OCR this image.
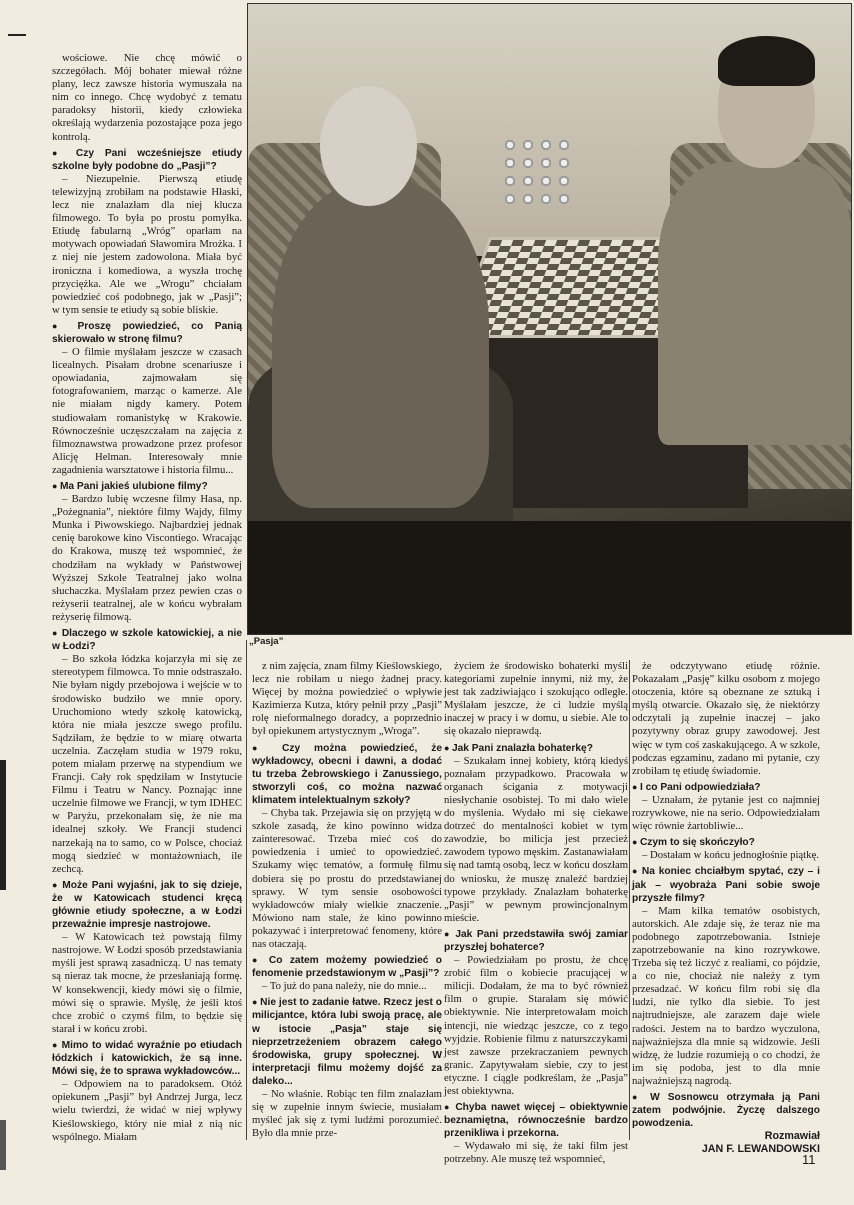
„Pasja”

wościowe. Nie chcę mówić o szczegółach. Mój bohater miewał różne plany, lecz zawsze historia wymuszała na nim co innego. Chcę wydobyć z tematu paradoksy historii, kiedy człowieka określają wydarzenia pozostające poza jego kontrolą.

● Czy Pani wcześniejsze etiudy szkolne były podobne do „Pasji”?

– Niezupełnie. Pierwszą etiudę telewizyjną zrobiłam na podstawie Hłaski, lecz nie znalazłam dla niej klucza filmowego. To była po prostu pomyłka. Etiudę fabularną „Wróg” oparłam na motywach opowiadań Sławomira Mrożka. I z niej nie jestem zadowolona. Miała być ironiczna i komediowa, a wyszła trochę przyciężka. Ale we „Wrogu” chciałam powiedzieć coś podobnego, jak w „Pasji”; w tym sensie te etiudy są sobie bliskie.

● Proszę powiedzieć, co Panią skierowało w stronę filmu?

– O filmie myślałam jeszcze w czasach licealnych. Pisałam drobne scenariusze i opowiadania, zajmowałam się fotografowaniem, marząc o kamerze. Ale nie miałam nigdy kamery. Potem studiowałam romanistykę w Krakowie. Równocześnie uczęszczałam na zajęcia z filmoznawstwa prowadzone przez profesor Alicję Helman. Interesowały mnie zagadnienia warsztatowe i historia filmu...

● Ma Pani jakieś ulubione filmy?

– Bardzo lubię wczesne filmy Hasa, np. „Pożegnania”, niektóre filmy Wajdy, filmy Munka i Piwowskiego. Najbardziej jednak cenię barokowe kino Viscontiego. Wracając do Krakowa, muszę też wspomnieć, że chodziłam na wykłady w Państwowej Wyższej Szkole Teatralnej jako wolna słuchaczka. Myślałam przez pewien czas o reżyserii teatralnej, ale w końcu wybrałam reżyserię filmową.

● Dlaczego w szkole katowickiej, a nie w Łodzi?

– Bo szkoła łódzka kojarzyła mi się ze stereotypem filmowca. To mnie odstraszało. Nie byłam nigdy przebojowa i wejście w to środowisko budziło we mnie opory. Uruchomiono wtedy szkołę katowicką, która nie miała jeszcze swego profilu. Sądziłam, że będzie to w miarę otwarta uczelnia. Zaczęłam studia w 1979 roku, potem miałam przerwę na stypendium we Francji. Cały rok spędziłam w Instytucie Filmu i Teatru w Nancy. Poznając inne uczelnie filmowe we Francji, w tym IDHEC w Paryżu, przekonałam się, że nie ma idealnej szkoły. We Francji studenci narzekają na to samo, co w Polsce, chociaż mogą siedzieć w montażowniach, ile zechcą.

● Może Pani wyjaśni, jak to się dzieje, że w Katowicach studenci kręcą głównie etiudy społeczne, a w Łodzi przeważnie impresje nastrojowe.

– W Katowicach też powstają filmy nastrojowe. W Łodzi sposób przedstawiania myśli jest sprawą zasadniczą. U nas tematy są nieraz tak mocne, że przesłaniają formę. W konsekwencji, kiedy mówi się o filmie, mówi się o sprawie. Myślę, że jeśli ktoś chce zrobić o czymś film, to będzie się starał i w końcu zrobi.

● Mimo to widać wyraźnie po etiudach łódzkich i katowickich, że są inne. Mówi się, że to sprawa wykładowców...

– Odpowiem na to paradoksem. Otóż opiekunem „Pasji” był Andrzej Jurga, lecz wielu twierdzi, że widać w niej wpływy Kieślowskiego, który nie miał z nią nic wspólnego. Miałam

z nim zajęcia, znam filmy Kieślowskiego, lecz nie robiłam u niego żadnej pracy. Więcej by można powiedzieć o wpływie Kazimierza Kutza, który pełnił przy „Pasji” rolę nieformalnego doradcy, a poprzednio był opiekunem artystycznym „Wroga”.

● Czy można powiedzieć, że wykładowcy, obecni i dawni, a dodać tu trzeba Żebrowskiego i Zanussiego, stworzyli coś, co można nazwać klimatem intelektualnym szkoły?

– Chyba tak. Przejawia się on przyjętą w szkole zasadą, że kino powinno widza zainteresować. Trzeba mieć coś do powiedzenia i umieć to opowiedzieć. Szukamy więc tematów, a formułę filmu dobiera się po prostu do przedstawianej sprawy. W tym sensie osobowości wykładowców miały wielkie znaczenie. Mówiono nam stale, że kino powinno pokazywać i interpretować fenomeny, które nas otaczają.

● Co zatem możemy powiedzieć o fenomenie przedstawionym w „Pasji”?

– To już do pana należy, nie do mnie...

● Nie jest to zadanie łatwe. Rzecz jest o milicjantce, która lubi swoją pracę, ale w istocie „Pasja” staje się nieprzetrzeżeniem obrazem całego środowiska, grupy społecznej. W interpretacji filmu możemy dojść za daleko...

– No właśnie. Robiąc ten film znalazłam się w zupełnie innym świecie, musiałam myśleć jak się z tymi ludźmi porozumieć. Było dla mnie prze-

życiem że środowisko bohaterki myśli kategoriami zupełnie innymi, niż my, że jest tak zadziwiająco i szokująco odległe. Myślałam jeszcze, że ci ludzie myślą inaczej w pracy i w domu, u siebie. Ale to się okazało nieprawdą.

● Jak Pani znalazła bohaterkę?

– Szukałam innej kobiety, którą kiedyś poznałam przypadkowo. Pracowała w organach ścigania z motywacji niesłychanie osobistej. To mi dało wiele do myślenia. Wydało mi się ciekawe dotrzeć do mentalności kobiet w tym zawodzie, bo milicja jest przecież zawodem typowo męskim. Zastanawiałam się nad tamtą osobą, lecz w końcu doszłam do wniosku, że muszę znaleźć bardziej typowe przykłady. Znalazłam bohaterkę „Pasji” w pewnym prowincjonalnym mieście.

● Jak Pani przedstawiła swój zamiar przyszłej bohaterce?

– Powiedziałam po prostu, że chcę zrobić film o kobiecie pracującej w milicji. Dodałam, że ma to być również film o grupie. Starałam się mówić obiektywnie. Nie interpretowałam moich intencji, nie wiedząc jeszcze, co z tego wyjdzie. Robienie filmu z naturszczykami jest zawsze przekraczaniem pewnych granic. Zapytywałam siebie, czy to jest etyczne. I ciągle podkreślam, że „Pasja” jest obiektywna.

● Chyba nawet więcej – obiektywnie beznamiętna, równocześnie bardzo przenikliwa i przekorna.

– Wydawało mi się, że taki film jest potrzebny. Ale muszę też wspomnieć,

że odczytywano etiudę różnie. Pokazałam „Pasję” kilku osobom z mojego otoczenia, które są obeznane ze sztuką i myślą otwarcie. Okazało się, że niektórzy odczytali ją zupełnie inaczej – jako pozytywny obraz grupy zawodowej. Jest więc w tym coś zaskakującego. A w szkole, podczas egzaminu, zadano mi pytanie, czy zrobiłam tę etiudę świadomie.

● I co Pani odpowiedziała?

– Uznałam, że pytanie jest co najmniej rozrywkowe, nie na serio. Odpowiedziałam więc równie żartobliwie...

● Czym to się skończyło?

– Dostałam w końcu jednogłośnie piątkę.

● Na koniec chciałbym spytać, czy – i jak – wyobraża Pani sobie swoje przyszłe filmy?

– Mam kilka tematów osobistych, autorskich. Ale zdaje się, że teraz nie ma podobnego zapotrzebowania. Istnieje zapotrzebowanie na kino rozrywkowe. Trzeba się też liczyć z realiami, co pójdzie, a co nie, chociaż nie należy z tym przesadzać. W końcu film robi się dla ludzi, nie tylko dla siebie. To jest najtrudniejsze, ale zarazem daje wiele radości. Jestem na to bardzo wyczulona, najważniejsza dla mnie są widzowie. Jeśli widzę, że ludzie rozumieją o co chodzi, że im się podoba, jest to dla mnie najważniejszą nagrodą.

● W Sosnowcu otrzymała ją Pani zatem podwójnie. Życzę dalszego powodzenia.

Rozmawiał

JAN F. LEWANDOWSKI

11
